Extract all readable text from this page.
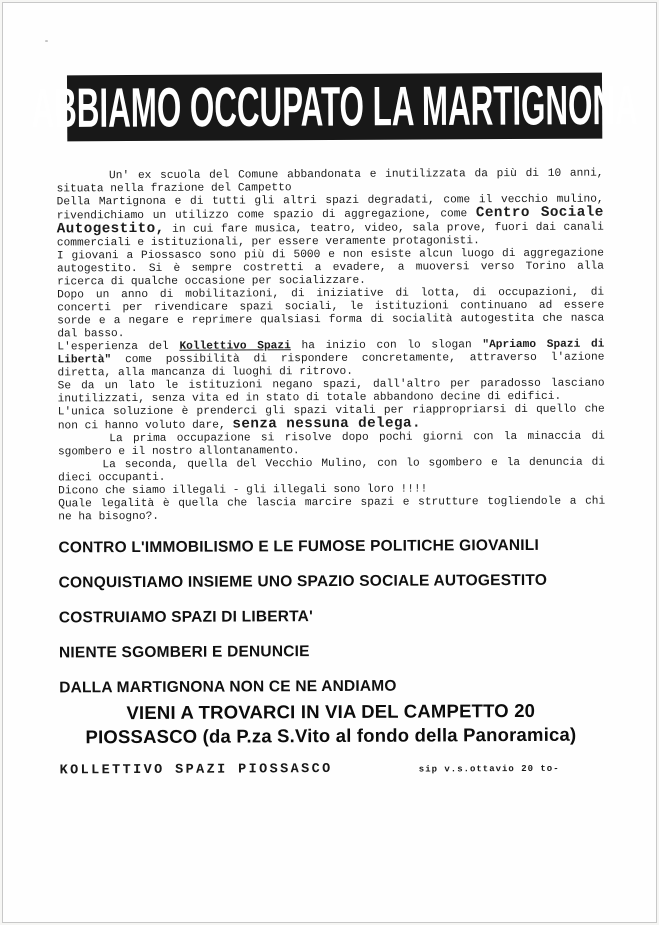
ABBIAMO OCCUPATO LA MARTIGNONA
Un' ex scuola del Comune abbandonata e inutilizzata da più di 10 anni,
situata nella frazione del Campetto
Della Martignona e di tutti gli altri spazi degradati, come il vecchio mulino,
rivendichiamo un utilizzo come spazio di aggregazione, come Centro Sociale
Autogestito, in cui fare musica, teatro, video, sala prove, fuori dai canali
commerciali e istituzionali, per essere veramente protagonisti.
I giovani a Piossasco sono più di 5000 e non esiste alcun luogo di aggregazione
autogestito. Si è sempre costretti a evadere, a muoversi verso Torino alla
ricerca di qualche occasione per socializzare.
Dopo un anno di mobilitazioni, di iniziative di lotta, di occupazioni, di
concerti per rivendicare spazi sociali, le istituzioni continuano ad essere
sorde e a negare e reprimere qualsiasi forma di socialità autogestita che nasca
dal basso.
L'esperienza del Kollettivo Spazi ha inizio con lo slogan "Apriamo Spazi di
Libertà" come possibilità di rispondere concretamente, attraverso l'azione
diretta, alla mancanza di luoghi di ritrovo.
Se da un lato le istituzioni negano spazi, dall'altro per paradosso lasciano
inutilizzati, senza vita ed in stato di totale abbandono decine di edifici.
L'unica soluzione è prenderci gli spazi vitali per riappropriarsi di quello che
non ci hanno voluto dare, senza nessuna delega.
La prima occupazione si risolve dopo pochi giorni con la minaccia di
sgombero e il nostro allontanamento.
La seconda, quella del Vecchio Mulino, con lo sgombero e la denuncia di
dieci occupanti.
Dicono che siamo illegali - gli illegali sono loro !!!!
Quale legalità è quella che lascia marcire spazi e strutture togliendole a chi
ne ha bisogno?.
CONTRO L'IMMOBILISMO E LE FUMOSE POLITICHE GIOVANILI
CONQUISTIAMO INSIEME UNO SPAZIO SOCIALE AUTOGESTITO
COSTRUIAMO SPAZI DI LIBERTA'
NIENTE SGOMBERI E DENUNCIE
DALLA MARTIGNONA NON CE NE ANDIAMO
VIENI A TROVARCI IN VIA DEL CAMPETTO 20
PIOSSASCO (da P.za S.Vito al fondo della Panoramica)
KOLLETTIVO SPAZI PIOSSASCO	sip v.s.ottavio 20 to-
